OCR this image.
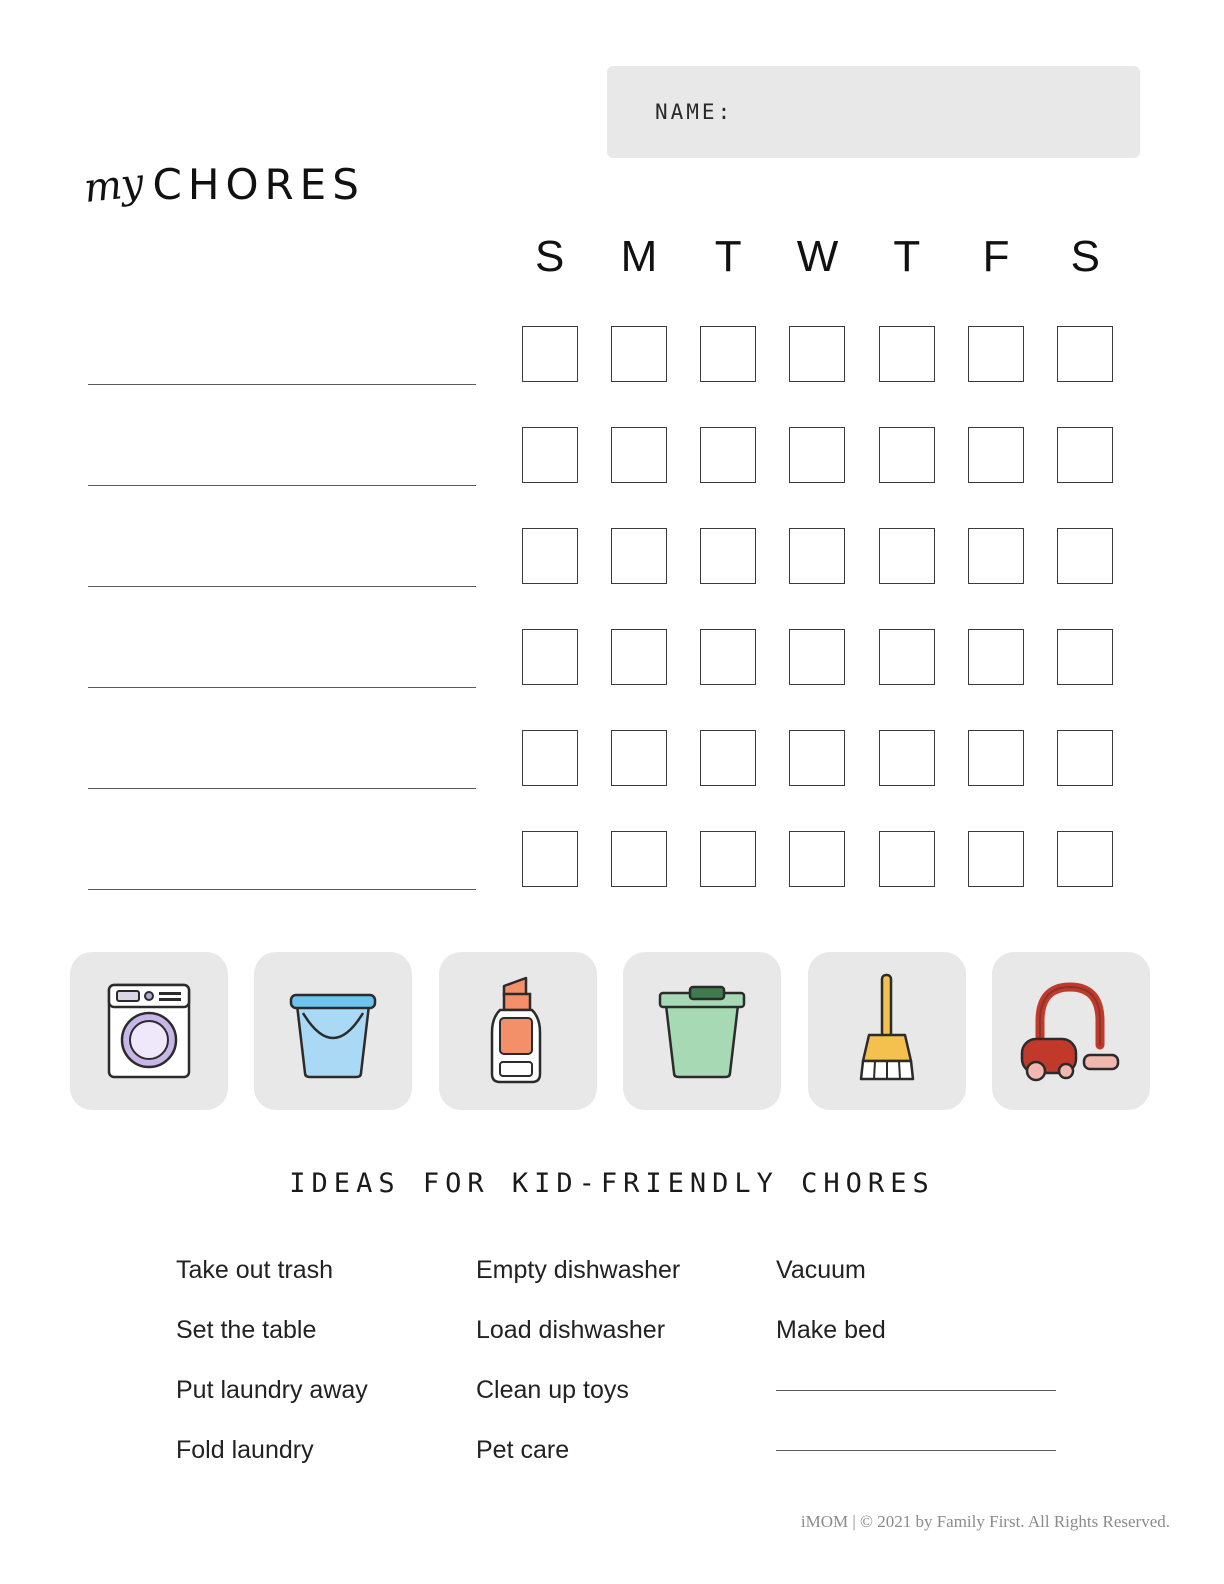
NAME:
my CHORES
S	M	T	W	T	F	S
IDEAS FOR KID-FRIENDLY CHORES
Take out trash
Set the table
Put laundry away
Fold laundry
Empty dishwasher
Load dishwasher
Clean up toys
Pet care
Vacuum
Make bed
iMOM | © 2021 by Family First. All Rights Reserved.
